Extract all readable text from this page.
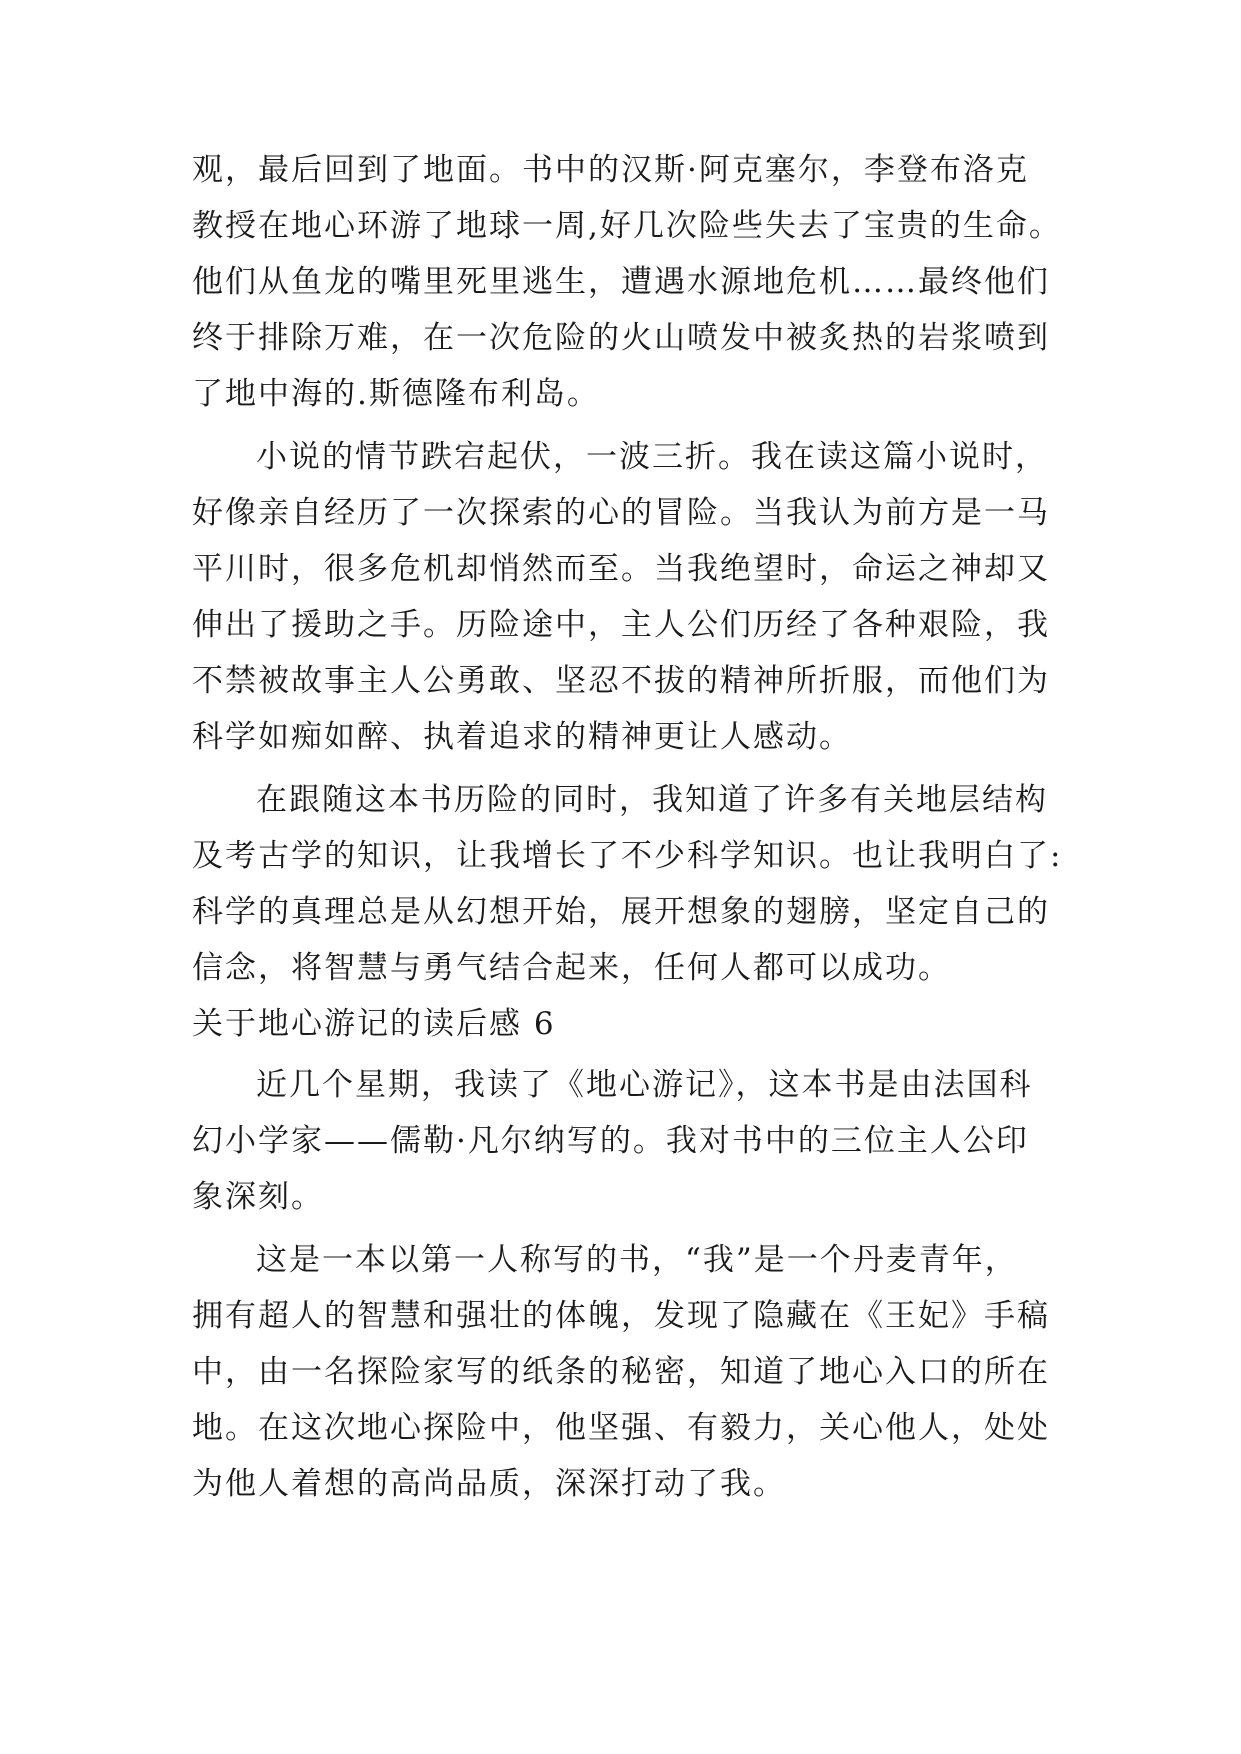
观，最后回到了地面。书中的汉斯·阿克塞尔，李登布洛克
教授在地心环游了地球一周,好几次险些失去了宝贵的生命。
他们从鱼龙的嘴里死里逃生，遭遇水源地危机……最终他们
终于排除万难，在一次危险的火山喷发中被炙热的岩浆喷到
了地中海的.斯德隆布利岛。
小说的情节跌宕起伏，一波三折。我在读这篇小说时，
好像亲自经历了一次探索的心的冒险。当我认为前方是一马
平川时，很多危机却悄然而至。当我绝望时，命运之神却又
伸出了援助之手。历险途中，主人公们历经了各种艰险，我
不禁被故事主人公勇敢、坚忍不拔的精神所折服，而他们为
科学如痴如醉、执着追求的精神更让人感动。
在跟随这本书历险的同时，我知道了许多有关地层结构
及考古学的知识，让我增长了不少科学知识。也让我明白了:
科学的真理总是从幻想开始，展开想象的翅膀，坚定自己的
信念，将智慧与勇气结合起来，任何人都可以成功。
关于地心游记的读后感 6
近几个星期，我读了《地心游记》，这本书是由法国科
幻小学家——儒勒·凡尔纳写的。我对书中的三位主人公印
象深刻。
这是一本以第一人称写的书，“我”是一个丹麦青年，
拥有超人的智慧和强壮的体魄，发现了隐藏在《王妃》手稿
中，由一名探险家写的纸条的秘密，知道了地心入口的所在
地。在这次地心探险中，他坚强、有毅力，关心他人，处处
为他人着想的高尚品质，深深打动了我。
